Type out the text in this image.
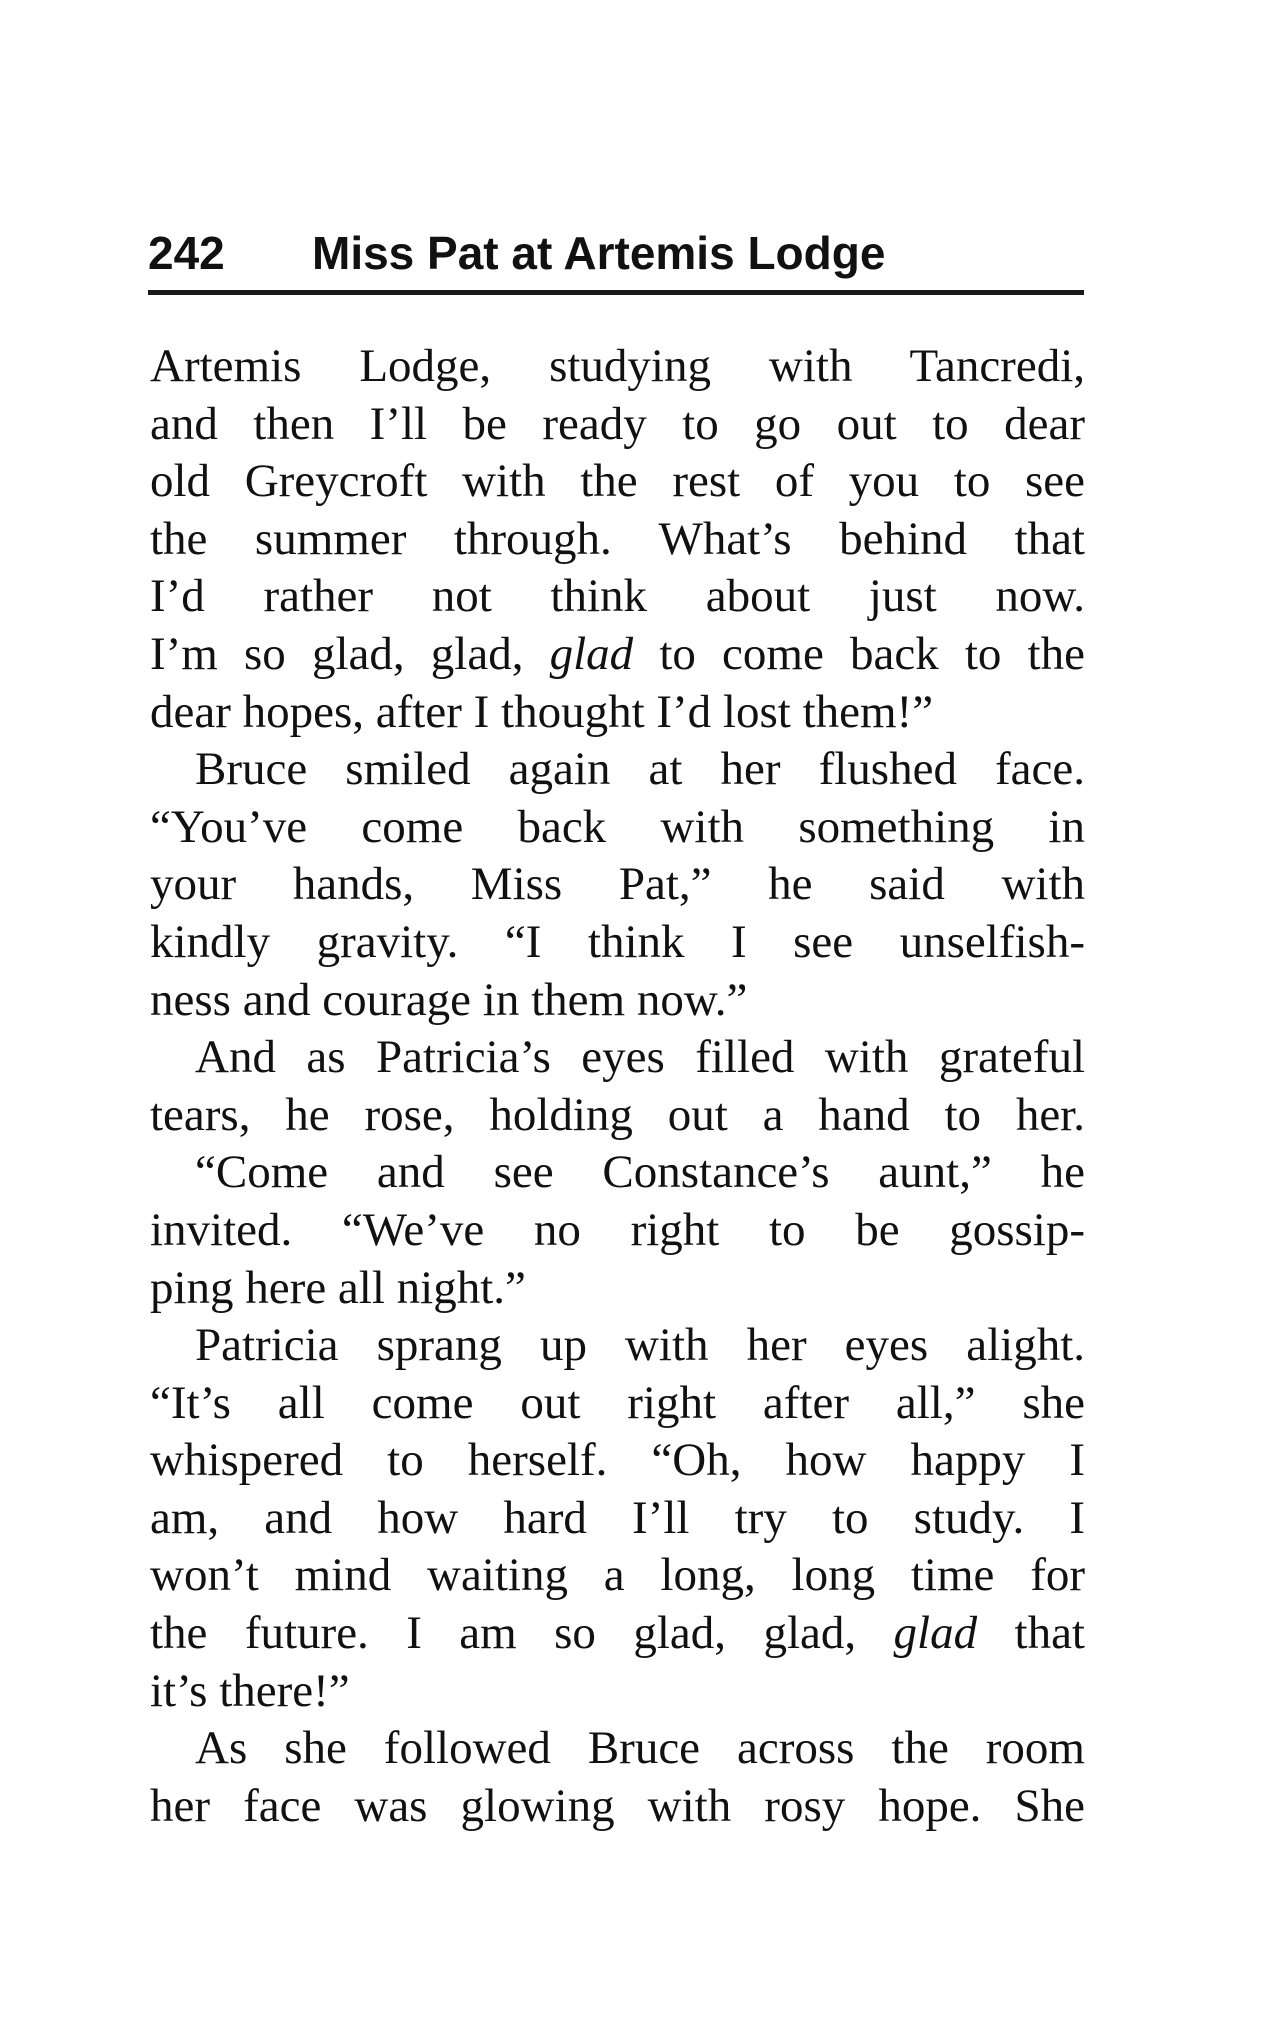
242 Miss Pat at Artemis Lodge
Artemis Lodge, studying with Tancredi,
and then I’ll be ready to go out to dear
old Greycroft with the rest of you to see
the summer through. What’s behind that
I’d rather not think about just now.
I’m so glad, glad, glad to come back to the
dear hopes, after I thought I’d lost them!”
Bruce smiled again at her flushed face.
“You’ve come back with something in
your hands, Miss Pat,” he said with
kindly gravity. “I think I see unselfish-
ness and courage in them now.”
And as Patricia’s eyes filled with grateful
tears, he rose, holding out a hand to her.
“Come and see Constance’s aunt,” he
invited. “We’ve no right to be gossip-
ping here all night.”
Patricia sprang up with her eyes alight.
“It’s all come out right after all,” she
whispered to herself. “Oh, how happy I
am, and how hard I’ll try to study. I
won’t mind waiting a long, long time for
the future. I am so glad, glad, glad that
it’s there!”
As she followed Bruce across the room
her face was glowing with rosy hope. She
